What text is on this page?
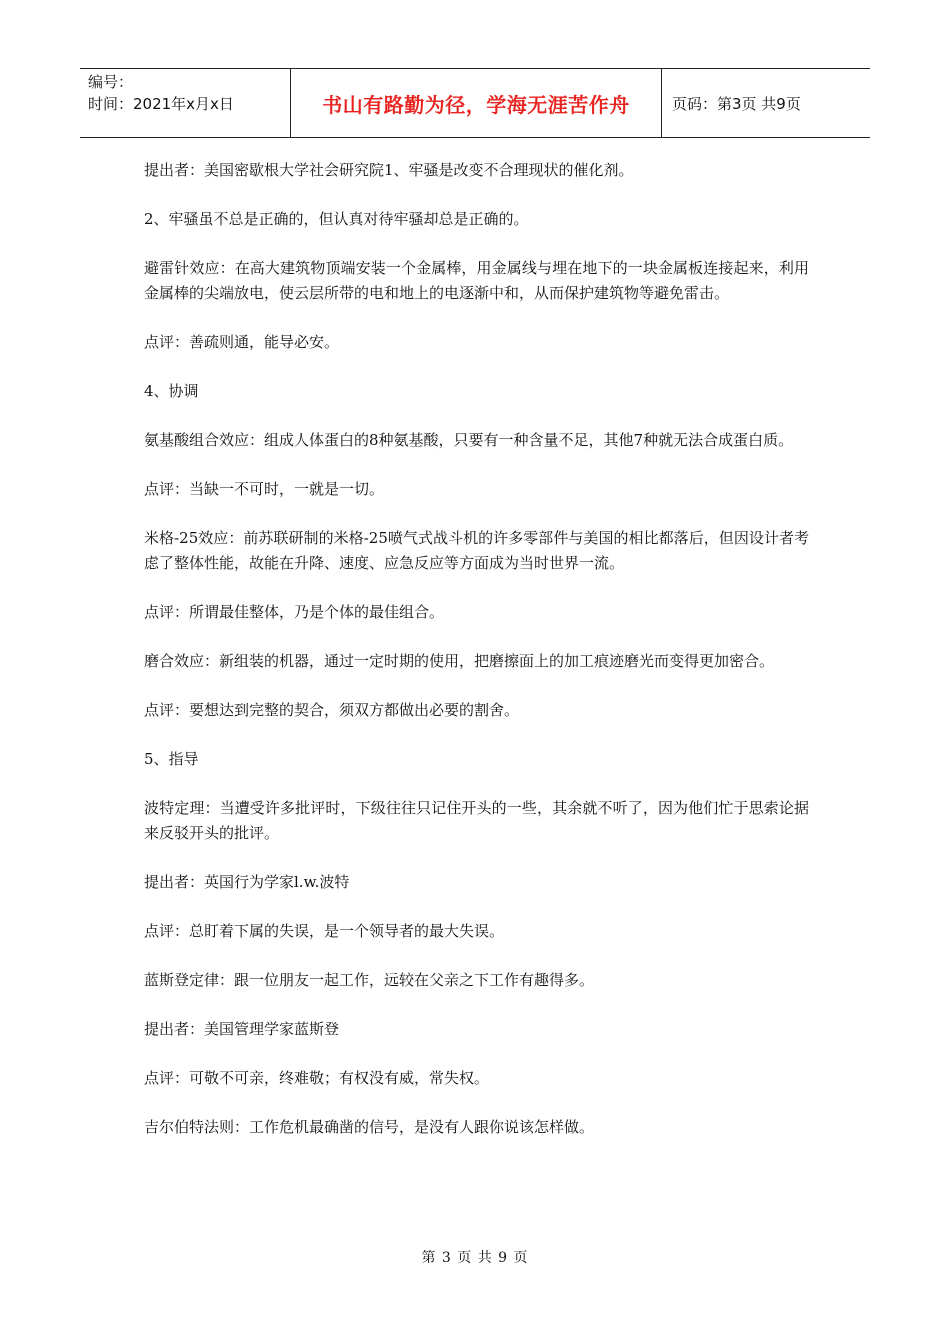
编号：
时间：2021年x月x日	书山有路勤为径，学海无涯苦作舟	页码：第3页 共9页

提出者：美国密歇根大学社会研究院1、牢骚是改变不合理现状的催化剂。

2、牢骚虽不总是正确的，但认真对待牢骚却总是正确的。

避雷针效应：在高大建筑物顶端安装一个金属棒，用金属线与埋在地下的一块金属板连接起来，利用金属棒的尖端放电，使云层所带的电和地上的电逐渐中和，从而保护建筑物等避免雷击。

点评：善疏则通，能导必安。

4、协调

氨基酸组合效应：组成人体蛋白的8种氨基酸，只要有一种含量不足，其他7种就无法合成蛋白质。

点评：当缺一不可时，一就是一切。

米格-25效应：前苏联研制的米格-25喷气式战斗机的许多零部件与美国的相比都落后，但因设计者考虑了整体性能，故能在升降、速度、应急反应等方面成为当时世界一流。

点评：所谓最佳整体，乃是个体的最佳组合。

磨合效应：新组装的机器，通过一定时期的使用，把磨擦面上的加工痕迹磨光而变得更加密合。

点评：要想达到完整的契合，须双方都做出必要的割舍。

5、指导

波特定理：当遭受许多批评时，下级往往只记住开头的一些，其余就不听了，因为他们忙于思索论据来反驳开头的批评。

提出者：英国行为学家l.w.波特

点评：总盯着下属的失误，是一个领导者的最大失误。

蓝斯登定律：跟一位朋友一起工作，远较在父亲之下工作有趣得多。

提出者：美国管理学家蓝斯登

点评：可敬不可亲，终难敬；有权没有威，常失权。

吉尔伯特法则：工作危机最确凿的信号，是没有人跟你说该怎样做。

第 3 页 共 9 页
